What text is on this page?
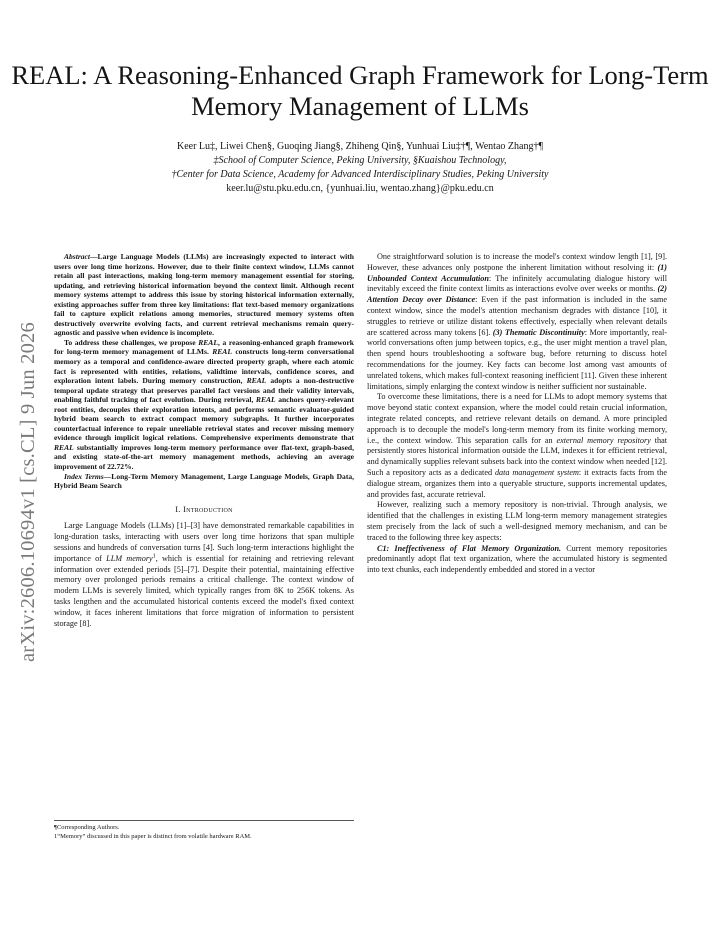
REAL: A Reasoning-Enhanced Graph Framework for Long-Term Memory Management of LLMs
Keer Lu‡, Liwei Chen§, Guoqing Jiang§, Zhiheng Qin§, Yunhuai Liu‡†¶, Wentao Zhang†¶
‡School of Computer Science, Peking University, §Kuaishou Technology,
†Center for Data Science, Academy for Advanced Interdisciplinary Studies, Peking University
keer.lu@stu.pku.edu.cn, {yunhuai.liu, wentao.zhang}@pku.edu.cn
arXiv:2606.10694v1 [cs.CL] 9 Jun 2026

Abstract—Large Language Models (LLMs) are increasingly expected to interact with users over long time horizons. However, due to their finite context window, LLMs cannot retain all past interactions, making long-term memory management essential for storing, updating, and retrieving historical information beyond the context limit. Although recent memory systems attempt to address this issue by storing historical information externally, existing approaches suffer from three key limitations: flat text-based memory organizations fail to capture explicit relations among memories, structured memory systems often destructively overwrite evolving facts, and current retrieval mechanisms remain query-agnostic and passive when evidence is incomplete.
To address these challenges, we propose REAL, a reasoning-enhanced graph framework for long-term memory management of LLMs. REAL constructs long-term conversational memory as a temporal and confidence-aware directed property graph, where each atomic fact is represented with entities, relations, validtime intervals, confidence scores, and exploration intent labels. During memory construction, REAL adopts a non-destructive temporal update strategy that preserves parallel fact versions and their validity intervals, enabling faithful tracking of fact evolution. During retrieval, REAL anchors query-relevant root entities, decouples their exploration intents, and performs semantic evaluator-guided hybrid beam search to extract compact memory subgraphs. It further incorporates counterfactual inference to repair unreliable retrieval states and recover missing memory evidence through implicit logical relations. Comprehensive experiments demonstrate that REAL substantially improves long-term memory performance over flat-text, graph-based, and existing state-of-the-art memory management methods, achieving an average improvement of 22.72%.
Index Terms—Long-Term Memory Management, Large Language Models, Graph Data, Hybrid Beam Search

I. Introduction

Large Language Models (LLMs) [1]–[3] have demonstrated remarkable capabilities in long-duration tasks, interacting with users over long time horizons that span multiple sessions and hundreds of conversation turns [4]. Such long-term interactions highlight the importance of LLM memory$^1$, which is essential for retaining and retrieving relevant information over extended periods [5]–[7]. Despite their potential, maintaining effective memory over prolonged periods remains a critical challenge. The context window of modern LLMs is severely limited, which typically ranges from 8K to 256K tokens. As tasks lengthen and the accumulated historical contents exceed the model's fixed context window, it faces inherent limitations that force migration of information to persistent storage [8].

¶Corresponding Authors.
1“Memory” discussed in this paper is distinct from volatile hardware RAM.

One straightforward solution is to increase the model's context window length [1], [9]. However, these advances only postpone the inherent limitation without resolving it: (1) Unbounded Context Accumulation: The infinitely accumulating dialogue history will inevitably exceed the finite context limits as interactions evolve over weeks or months. (2) Attention Decay over Distance: Even if the past information is included in the same context window, since the model's attention mechanism degrades with distance [10], it struggles to retrieve or utilize distant tokens effectively, especially when relevant details are scattered across many tokens [6]. (3) Thematic Discontinuity: More importantly, real-world conversations often jump between topics, e.g., the user might mention a travel plan, then spend hours troubleshooting a software bug, before returning to discuss hotel recommendations for the journey. Key facts can become lost among vast amounts of unrelated tokens, which makes full-context reasoning inefficient [11]. Given these inherent limitations, simply enlarging the context window is neither sufficient nor sustainable.

To overcome these limitations, there is a need for LLMs to adopt memory systems that move beyond static context expansion, where the model could retain crucial information, integrate related concepts, and retrieve relevant details on demand. A more principled approach is to decouple the model's long-term memory from its finite working memory, i.e., the context window. This separation calls for an external memory repository that persistently stores historical information outside the LLM, indexes it for efficient retrieval, and dynamically supplies relevant subsets back into the context window when needed [12]. Such a repository acts as a dedicated data management system: it extracts facts from the dialogue stream, organizes them into a queryable structure, supports incremental updates, and provides fast, accurate retrieval.

However, realizing such a memory repository is non-trivial. Through analysis, we identified that the challenges in existing LLM long-term memory management strategies stem precisely from the lack of such a well-designed memory mechanism, and can be traced to the following three key aspects:

C1: Ineffectiveness of Flat Memory Organization. Current memory repositories predominantly adopt flat text organization, where the accumulated history is segmented into text chunks, each independently embedded and stored in a vector
